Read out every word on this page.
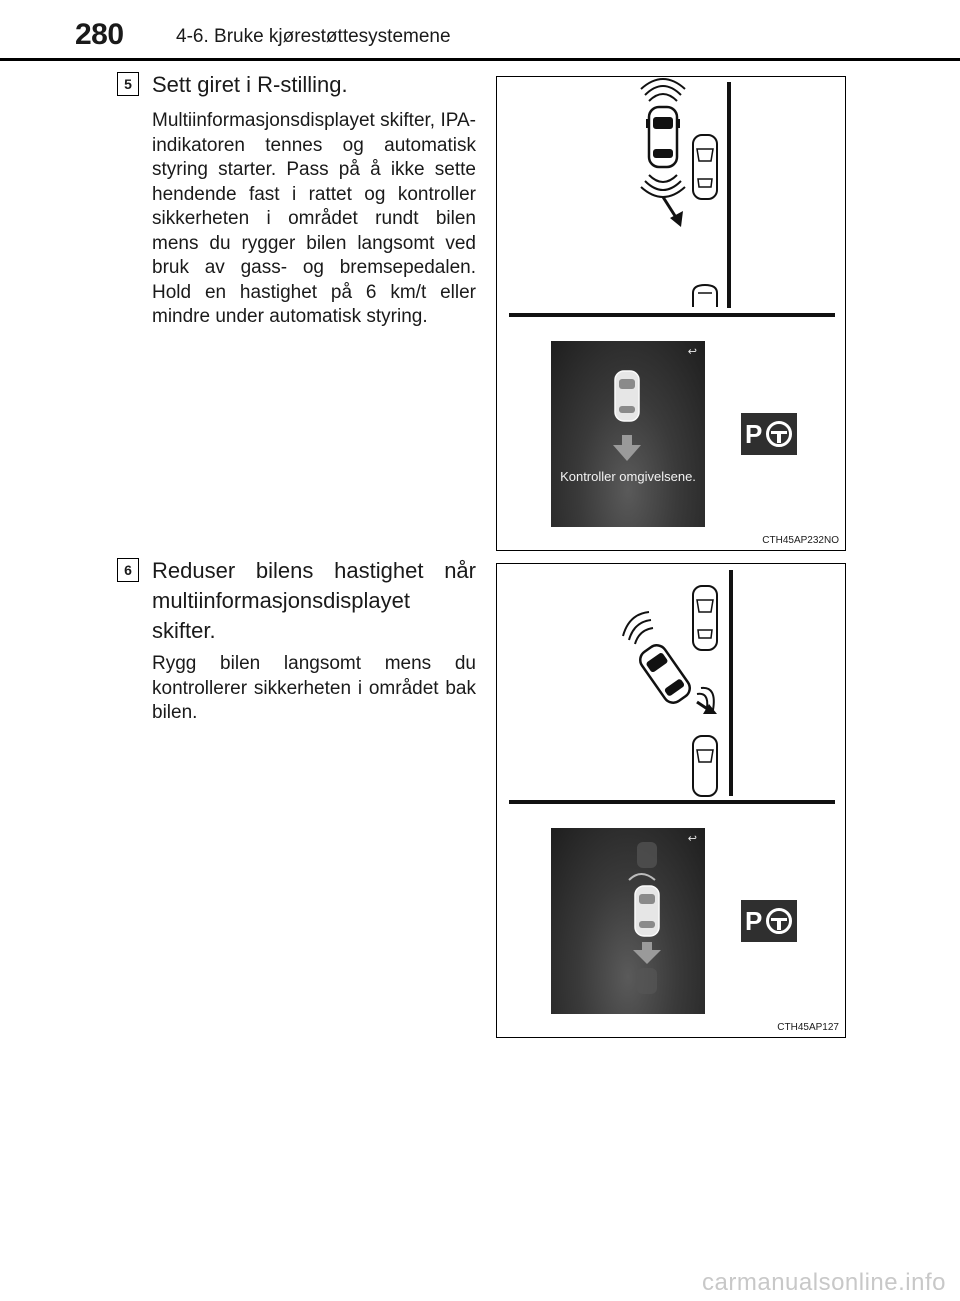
280	4-6. Bruke kjørestøttesystemene
5 Sett giret i R-stilling.
Multiinformasjonsdisplayet skifter, IPA-indikatoren tennes og automatisk styring starter. Pass på å ikke sette hendende fast i rattet og kontroller sikkerheten i området rundt bilen mens du rygger bilen langsomt ved bruk av gass- og bremsepedalen. Hold en hastighet på 6 km/t eller mindre under automatisk styring.
↩
Kontroller omgivelsene.
P
CTH45AP232NO
6 Reduser bilens hastighet når multiinformasjonsdisplayet skifter.
Rygg bilen langsomt mens du kontrollerer sikkerheten i området bak bilen.
↩
P
CTH45AP127
carmanualsonline.info
